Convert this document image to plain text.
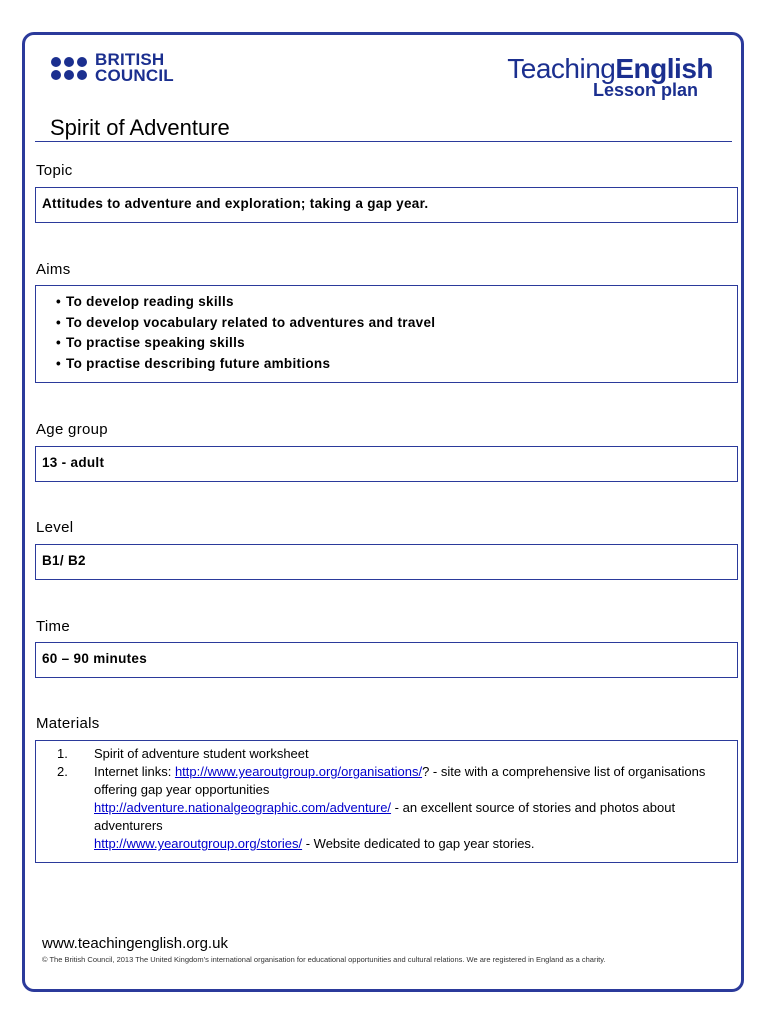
BRITISH
COUNCIL	TeachingEnglish
Lesson plan
Spirit of Adventure
Topic
Attitudes to adventure and exploration; taking a gap year.
Aims
• To develop reading skills
• To develop vocabulary related to adventures and travel
• To practise speaking skills
• To practise describing future ambitions
Age group
13 - adult
Level
B1/ B2
Time
60 – 90 minutes
Materials
1. Spirit of adventure student worksheet
2. Internet links: http://www.yearoutgroup.org/organisations/? - site with a comprehensive list of organisations offering gap year opportunities
http://adventure.nationalgeographic.com/adventure/ - an excellent source of stories and photos about adventurers
http://www.yearoutgroup.org/stories/ - Website dedicated to gap year stories.
www.teachingenglish.org.uk
© The British Council, 2013 The United Kingdom’s international organisation for educational opportunities and cultural relations. We are registered in England as a charity.
